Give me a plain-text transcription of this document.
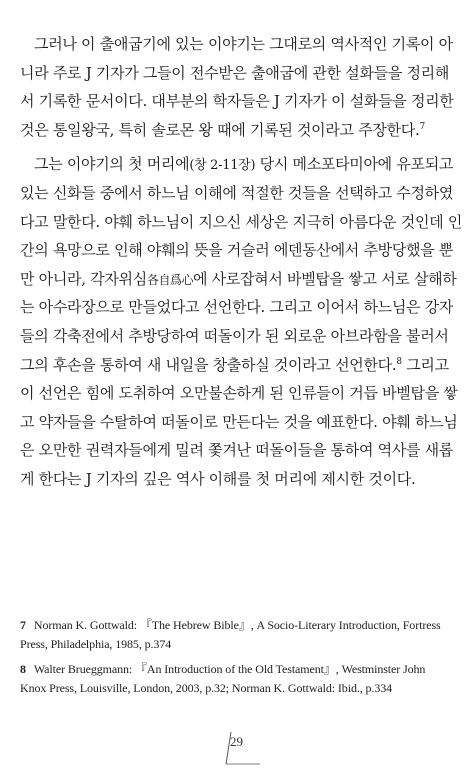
그러나 이 출애굽기에 있는 이야기는 그대로의 역사적인 기록이 아
니라 주로 J 기자가 그들이 전수받은 출애굽에 관한 설화들을 정리해
서 기록한 문서이다. 대부분의 학자들은 J 기자가 이 설화들을 정리한
것은 통일왕국, 특히 솔로몬 왕 때에 기록된 것이라고 주장한다.$^7$
그는 이야기의 첫 머리에(창 2-11장) 당시 메소포타미아에 유포되고
있는 신화들 중에서 하느님 이해에 적절한 것들을 선택하고 수정하였
다고 말한다. 야훼 하느님이 지으신 세상은 지극히 아름다운 것인데 인
간의 욕망으로 인해 야훼의 뜻을 거슬러 에덴동산에서 추방당했을 뿐
만 아니라, 각자위심各自爲心에 사로잡혀서 바벨탑을 쌓고 서로 살해하
는 아수라장으로 만들었다고 선언한다. 그리고 이어서 하느님은 강자
들의 각축전에서 추방당하여 떠돌이가 된 외로운 아브라함을 불러서
그의 후손을 통하여 새 내일을 창출하실 것이라고 선언한다.$^8$ 그리고
이 선언은 힘에 도취하여 오만불손하게 된 인류들이 거듭 바벨탑을 쌓
고 약자들을 수탈하여 떠돌이로 만든다는 것을 예표한다. 야훼 하느님
은 오만한 권력자들에게 밀려 쫓겨난 떠돌이들을 통하여 역사를 새롭
게 한다는 J 기자의 깊은 역사 이해를 첫 머리에 제시한 것이다.
7 Norman K. Gottwald: 『The Hebrew Bible』, A Socio-Literary Introduction, Fortress
Press, Philadelphia, 1985, p.374
8 Walter Brueggmann: 『An Introduction of the Old Testament』, Westminster John
Knox Press, Louisville, London, 2003, p.32; Norman K. Gottwald: Ibid., p.334
29
